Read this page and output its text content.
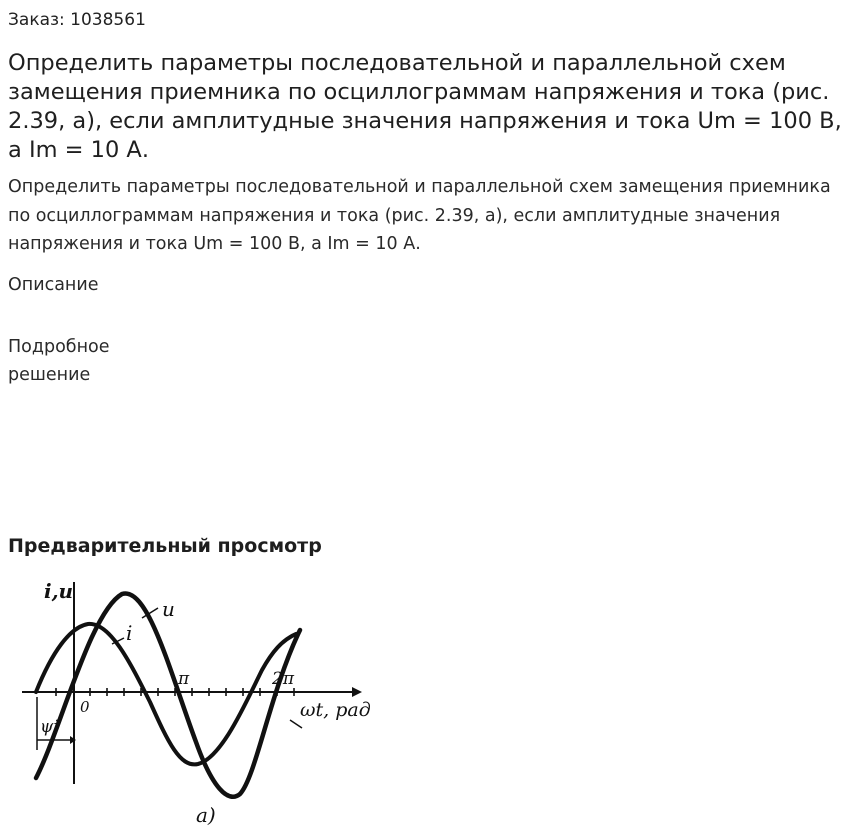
Заказ: 1038561
Определить параметры последовательной и параллельной схем замещения приемника по осциллограммам напряжения и тока (рис. 2.39, а), если амплитудные значения напряжения и тока Um = 100 В, а Im = 10 А.

Определить параметры последовательной и параллельной схем замещения приемника по осциллограммам напряжения и тока (рис. 2.39, а), если амплитудные значения напряжения и тока Um = 100 В, а Im = 10 А.

Описание
Подробное решение
Предварительный просмотр
i,u
u
i
π	2π
0	ωt, рад
ψi
а)
